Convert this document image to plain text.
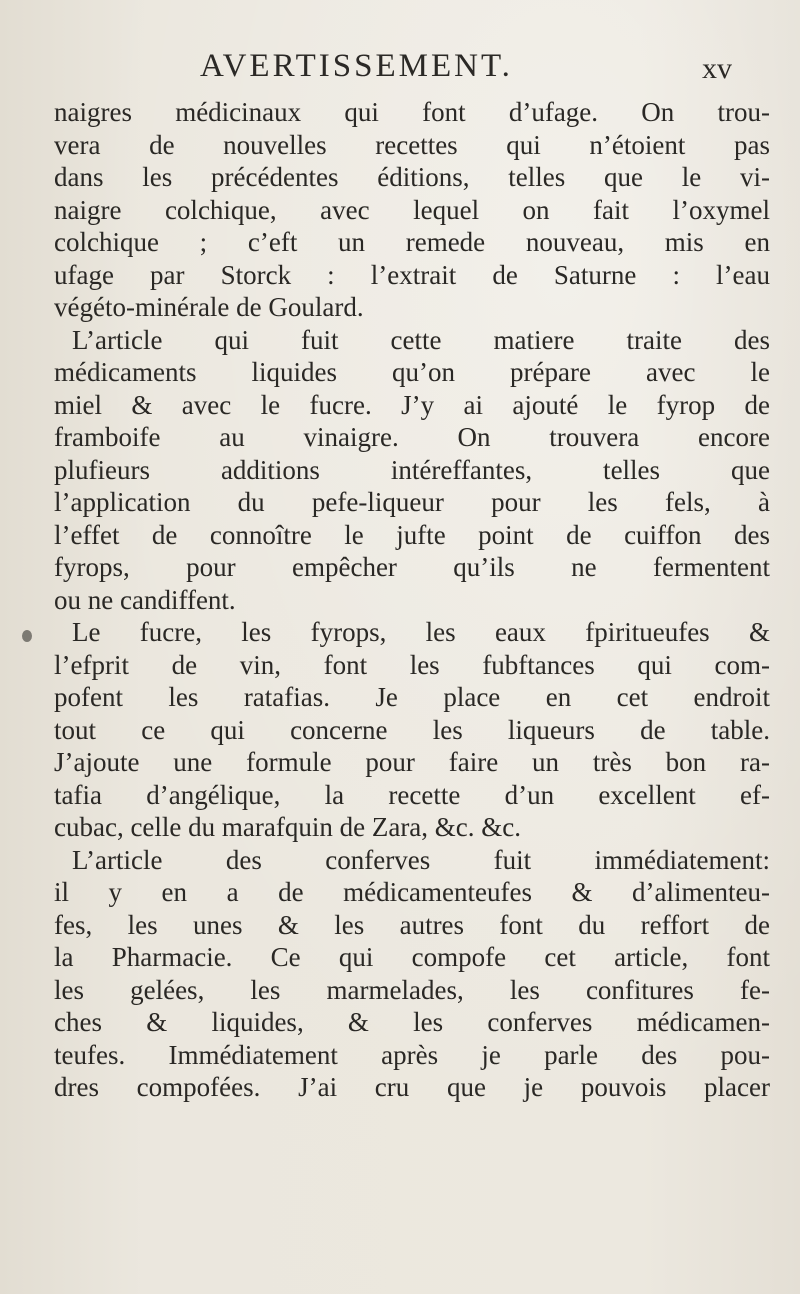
AVERTISSEMENT.	xv
naigres médicinaux qui font d’ufage. On trou-
vera de nouvelles recettes qui n’étoient pas
dans les précédentes éditions, telles que le vi-
naigre colchique, avec lequel on fait l’oxymel
colchique ; c’eft un remede nouveau, mis en
ufage par Storck : l’extrait de Saturne : l’eau
végéto-minérale de Goulard.
L’article qui fuit cette matiere traite des
médicaments liquides qu’on prépare avec le
miel & avec le fucre. J’y ai ajouté le fyrop de
framboife au vinaigre. On trouvera encore
plufieurs additions intéreffantes, telles que
l’application du pefe-liqueur pour les fels, à
l’effet de connoître le jufte point de cuiffon des
fyrops, pour empêcher qu’ils ne fermentent
ou ne candiffent.
Le fucre, les fyrops, les eaux fpiritueufes &
l’efprit de vin, font les fubftances qui com-
pofent les ratafias. Je place en cet endroit
tout ce qui concerne les liqueurs de table.
J’ajoute une formule pour faire un très bon ra-
tafia d’angélique, la recette d’un excellent ef-
cubac, celle du marafquin de Zara, &c. &c.
L’article des conferves fuit immédiatement:
il y en a de médicamenteufes & d’alimenteu-
fes, les unes & les autres font du reffort de
la Pharmacie. Ce qui compofe cet article, font
les gelées, les marmelades, les confitures fe-
ches & liquides, & les conferves médicamen-
teufes. Immédiatement après je parle des pou-
dres compofées. J’ai cru que je pouvois placer
